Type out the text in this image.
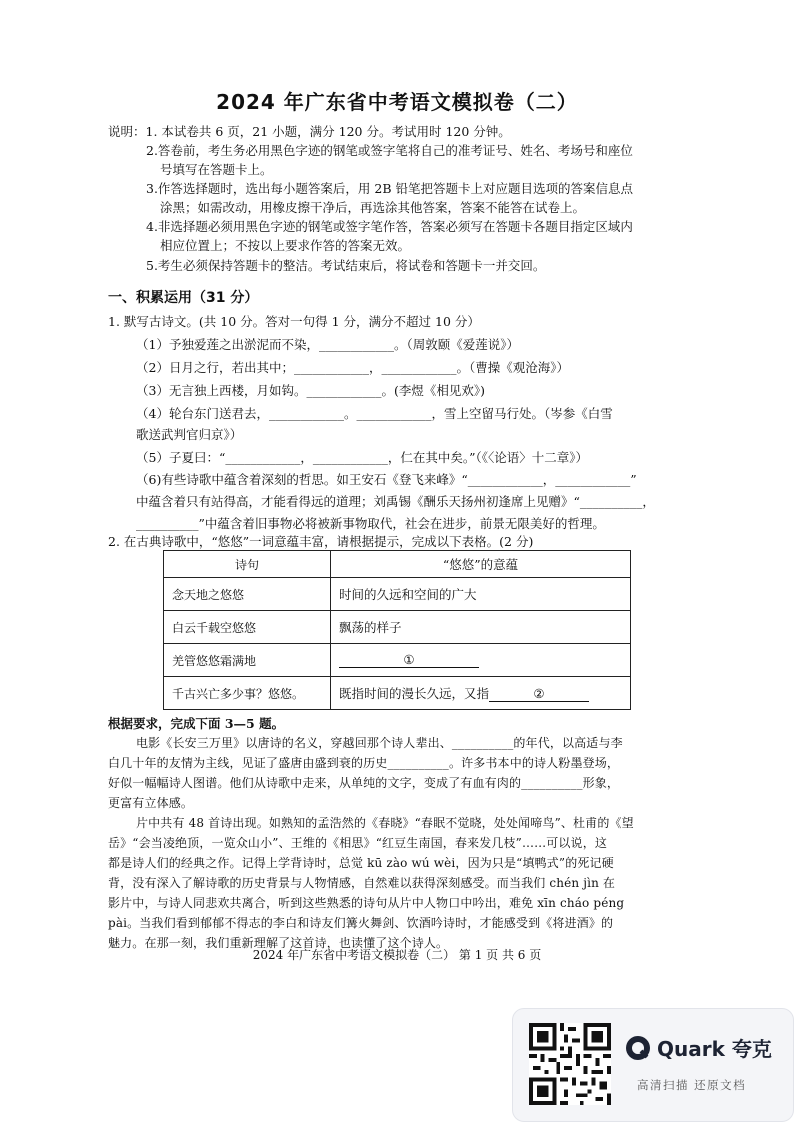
2024 年广东省中考语文模拟卷（二）

说明：1. 本试卷共 6 页，21 小题，满分 120 分。考试用时 120 分钟。

2.答卷前，考生务必用黑色字迹的钢笔或签字笔将自己的准考证号、姓名、考场号和座位

号填写在答题卡上。

3.作答选择题时，选出每小题答案后，用 2B 铅笔把答题卡上对应题目选项的答案信息点

涂黑；如需改动，用橡皮擦干净后，再选涂其他答案，答案不能答在试卷上。

4.非选择题必须用黑色字迹的钢笔或签字笔作答，答案必须写在答题卡各题目指定区域内

相应位置上；不按以上要求作答的答案无效。

5.考生必须保持答题卡的整洁。考试结束后，将试卷和答题卡一并交回。

一、积累运用（31 分）

1. 默写古诗文。(共 10 分。答对一句得 1 分，满分不超过 10 分）

（1）予独爱莲之出淤泥而不染，____________。（周敦颐《爱莲说》）

（2）日月之行，若出其中；____________，____________。（曹操《观沧海》）

（3）无言独上西楼，月如钩。____________。(李煜《相见欢》)

（4）轮台东门送君去，____________。____________，雪上空留马行处。（岑参《白雪

歌送武判官归京》）

（5）子夏曰：“____________，____________，仁在其中矣。”（《〈论语〉十二章》）

（6)有些诗歌中蕴含着深刻的哲思。如王安石《登飞来峰》“____________，____________”

中蕴含着只有站得高，才能看得远的道理；刘禹锡《酬乐天扬州初逢席上见赠》“__________，

__________”中蕴含着旧事物必将被新事物取代，社会在进步，前景无限美好的哲理。

2. 在古典诗歌中，“悠悠”一词意蕴丰富，请根据提示，完成以下表格。(2 分)

诗句	“悠悠”的意蕴
念天地之悠悠	时间的久远和空间的广大
白云千载空悠悠	飘荡的样子
羌管悠悠霜满地	①
千古兴亡多少事？悠悠。	既指时间的漫长久远，又指 ②
根据要求，完成下面 3—5 题。

电影《长安三万里》以唐诗的名义，穿越回那个诗人辈出、__________的年代，以高适与李

白几十年的友情为主线，见证了盛唐由盛到衰的历史__________。许多书本中的诗人粉墨登场，

好似一幅幅诗人图谱。他们从诗歌中走来，从单纯的文字，变成了有血有肉的__________形象，

更富有立体感。

片中共有 48 首诗出现。如熟知的孟浩然的《春晓》“春眠不觉晓，处处闻啼鸟”、杜甫的《望

岳》“会当凌绝顶，一览众山小”、王维的《相思》“红豆生南国，春来发几枝”……可以说，这

都是诗人们的经典之作。记得上学背诗时，总觉 kū zào wú wèi，因为只是“填鸭式”的死记硬

背，没有深入了解诗歌的历史背景与人物情感，自然难以获得深刻感受。而当我们 chén jìn 在

影片中，与诗人同悲欢共离合，听到这些熟悉的诗句从片中人物口中吟出，难免 xīn cháo péng

pài。当我们看到郁郁不得志的李白和诗友们篝火舞剑、饮酒吟诗时，才能感受到《将进酒》的

魅力。在那一刻，我们重新理解了这首诗，也读懂了这个诗人。

2024 年广东省中考语文模拟卷（二） 第 1 页 共 6 页
Quark 夸克
高清扫描 还原文档
